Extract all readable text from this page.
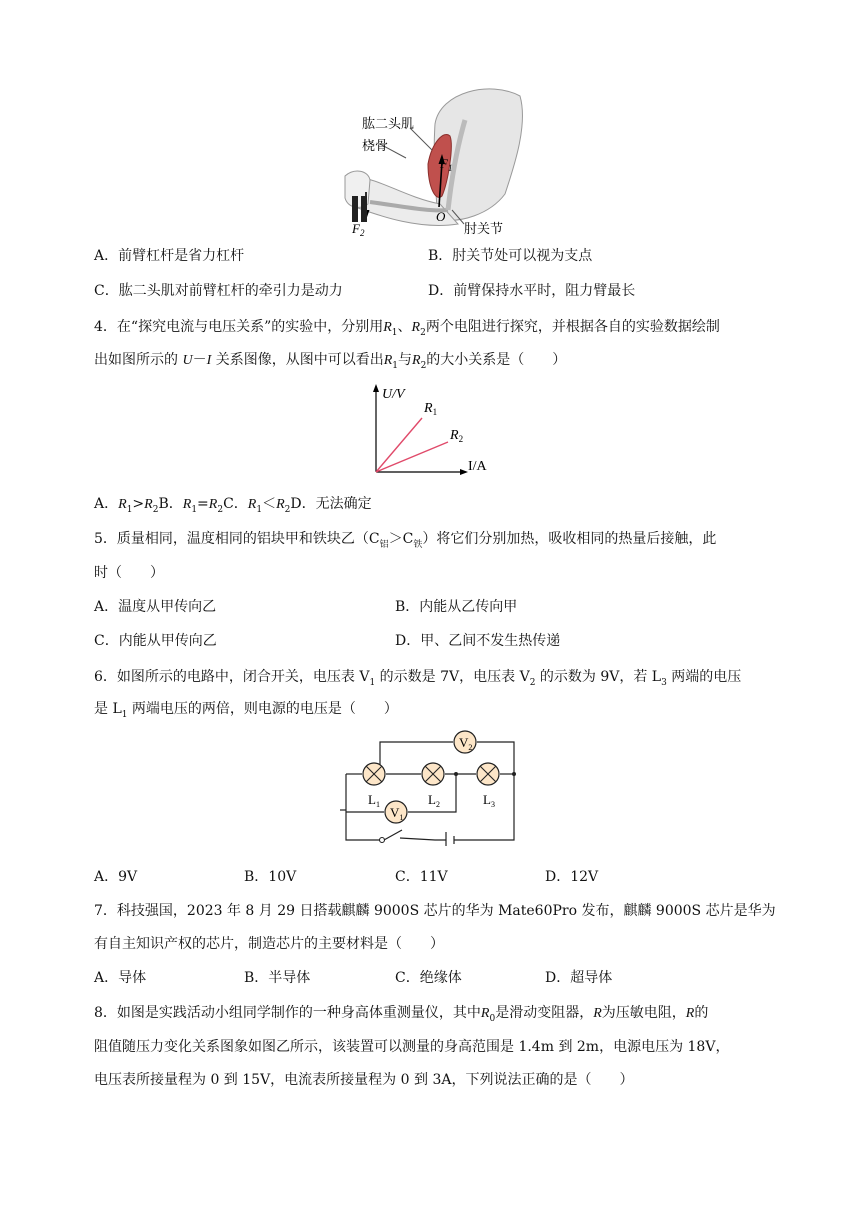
肱二头肌
桡骨
肘关节
$F_1$
$F_2$
O
A．前臂杠杆是省力杠杆	B．肘关节处可以视为支点
C．肱二头肌对前臂杠杆的牵引力是动力	D．前臂保持水平时，阻力臂最长
4．在“探究电流与电压关系”的实验中，分别用$R_1$、$R_2$两个电阻进行探究，并根据各自的实验数据绘制
出如图所示的 U－I 关系图像，从图中可以看出$R_1$与$R_2$的大小关系是（　　）
U/V
I/A
$R_1$
$R_2$
A．$R_1>R_2B$．$R_1=R_2C$．$R_1<R_2D$．无法确定
5．质量相同，温度相同的铝块甲和铁块乙$(C_铝>C_铁)$将它们分别加热，吸收相同的热量后接触，此
时（　　）
A．温度从甲传向乙	B．内能从乙传向甲
C．内能从甲传向乙	D．甲、乙间不发生热传递
6．如图所示的电路中，闭合开关，电压表 $V_1$ 的示数是 7V，电压表 $V_2$ 的示数为 9V，若 $L_3$ 两端的电压
是 $L_1$ 两端电压的两倍，则电源的电压是（　　）
$V_2$
$V_1$
$L_1$	$L_2$	$L_3$
A．9V	B．10V	C．11V	D．12V
7．科技强国，2023 年 8 月 29 日搭载麒麟 9000S 芯片的华为 Mate60Pro 发布，麒麟 9000S 芯片是华为
有自主知识产权的芯片，制造芯片的主要材料是（　　）
A．导体	B．半导体	C．绝缘体	D．超导体
8．如图是实践活动小组同学制作的一种身高体重测量仪，其中$R_0$是滑动变阻器，R为压敏电阻，R的
阻值随压力变化关系图象如图乙所示，该装置可以测量的身高范围是 1.4m 到 2m，电源电压为 18V，
电压表所接量程为 0 到 15V，电流表所接量程为 0 到 3A，下列说法正确的是（　　）
